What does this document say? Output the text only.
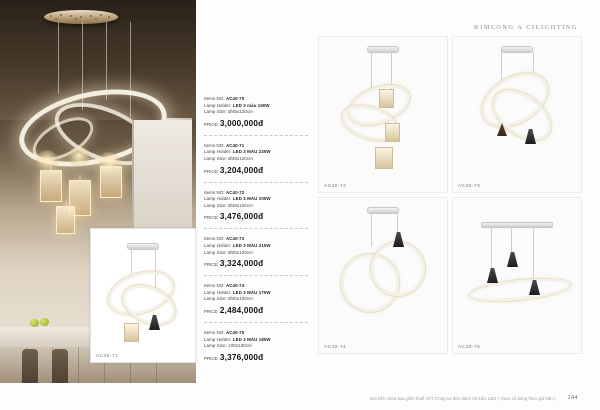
KIMLONG A CILIGHTING
AC40-71
Items NO: AC40-70
Lamp Holder: LED 3 màu 160W
Lamp Size: Ø45x120cm
PRICE: 3,000,000đ
Items NO: AC40-71
Lamp Holder: LED 3 MÀU 220W
Lamp Size: Ø45x120cm
PRICE: 3,204,000đ
Items NO: AC40-72
Lamp Holder: LED 3 MÀU 200W
Lamp Size: Ø45x120cm
PRICE: 3,476,000đ
Items NO: AC40-73
Lamp Holder: LED 3 MÀU 210W
Lamp Size: Ø30x120cm
PRICE: 3,324,000đ
Items NO: AC40-74
Lamp Holder: LED 3 MÀU 170W
Lamp Size: Ø40x100cm
PRICE: 2,484,000đ
Items NO: AC40-75
Lamp Holder: LED 3 MÀU 180W
Lamp Size: 100x100cm
PRICE: 3,376,000đ
AC40-72	AC40-73
AC40-74	AC40-75
Giá tiền chưa bao gồm thuế VAT.Trong tụi đèn dành 03 kiểu LED ( chưa có bóng theo giá hãn ) 144
